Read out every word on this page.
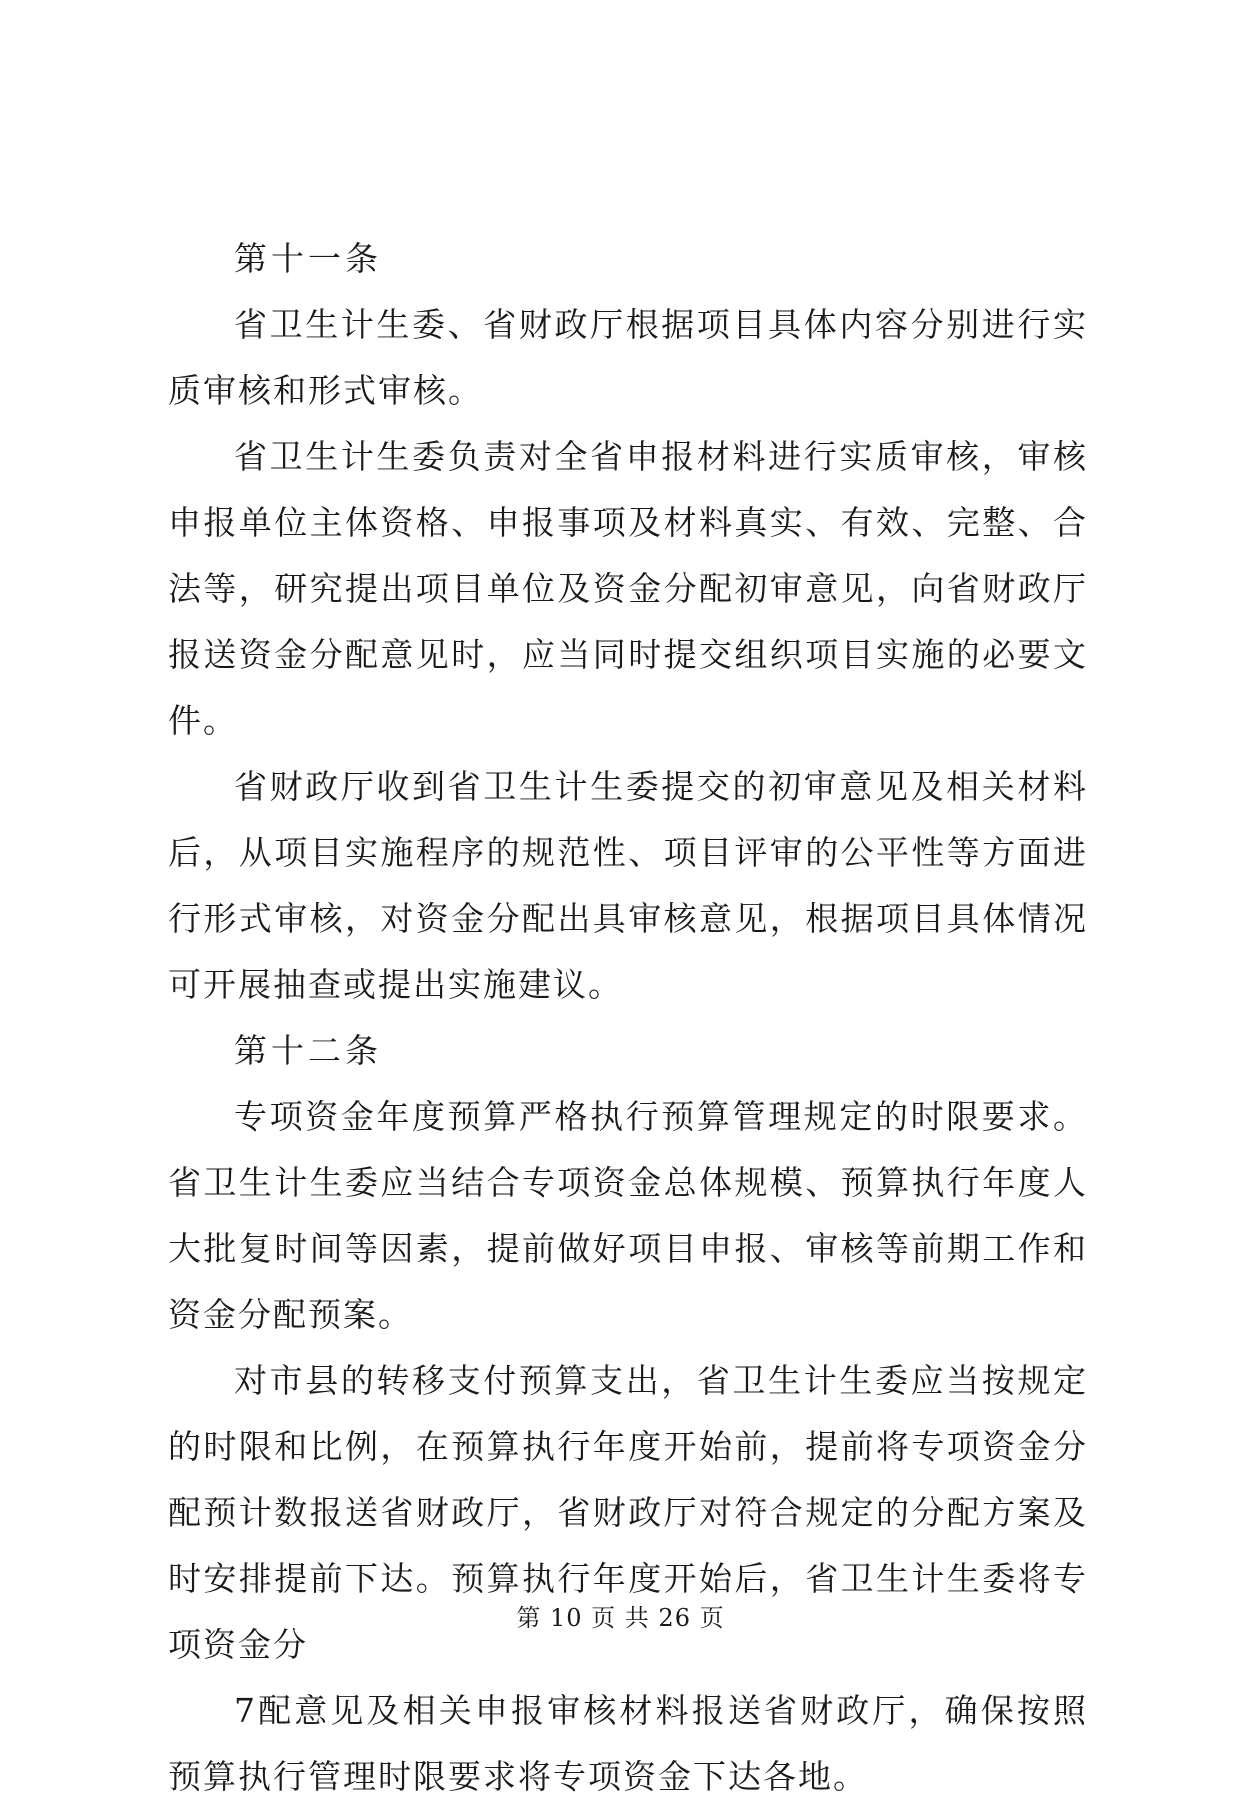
第十一条

省卫生计生委、省财政厅根据项目具体内容分别进行实质审核和形式审核。

省卫生计生委负责对全省申报材料进行实质审核，审核申报单位主体资格、申报事项及材料真实、有效、完整、合法等，研究提出项目单位及资金分配初审意见，向省财政厅报送资金分配意见时，应当同时提交组织项目实施的必要文件。

省财政厅收到省卫生计生委提交的初审意见及相关材料后，从项目实施程序的规范性、项目评审的公平性等方面进行形式审核，对资金分配出具审核意见，根据项目具体情况可开展抽查或提出实施建议。

第十二条

专项资金年度预算严格执行预算管理规定的时限要求。省卫生计生委应当结合专项资金总体规模、预算执行年度人大批复时间等因素，提前做好项目申报、审核等前期工作和资金分配预案。

对市县的转移支付预算支出，省卫生计生委应当按规定的时限和比例，在预算执行年度开始前，提前将专项资金分配预计数报送省财政厅，省财政厅对符合规定的分配方案及时安排提前下达。预算执行年度开始后，省卫生计生委将专项资金分

7配意见及相关申报审核材料报送省财政厅，确保按照预算执行管理时限要求将专项资金下达各地。

第 10 页 共 26 页
